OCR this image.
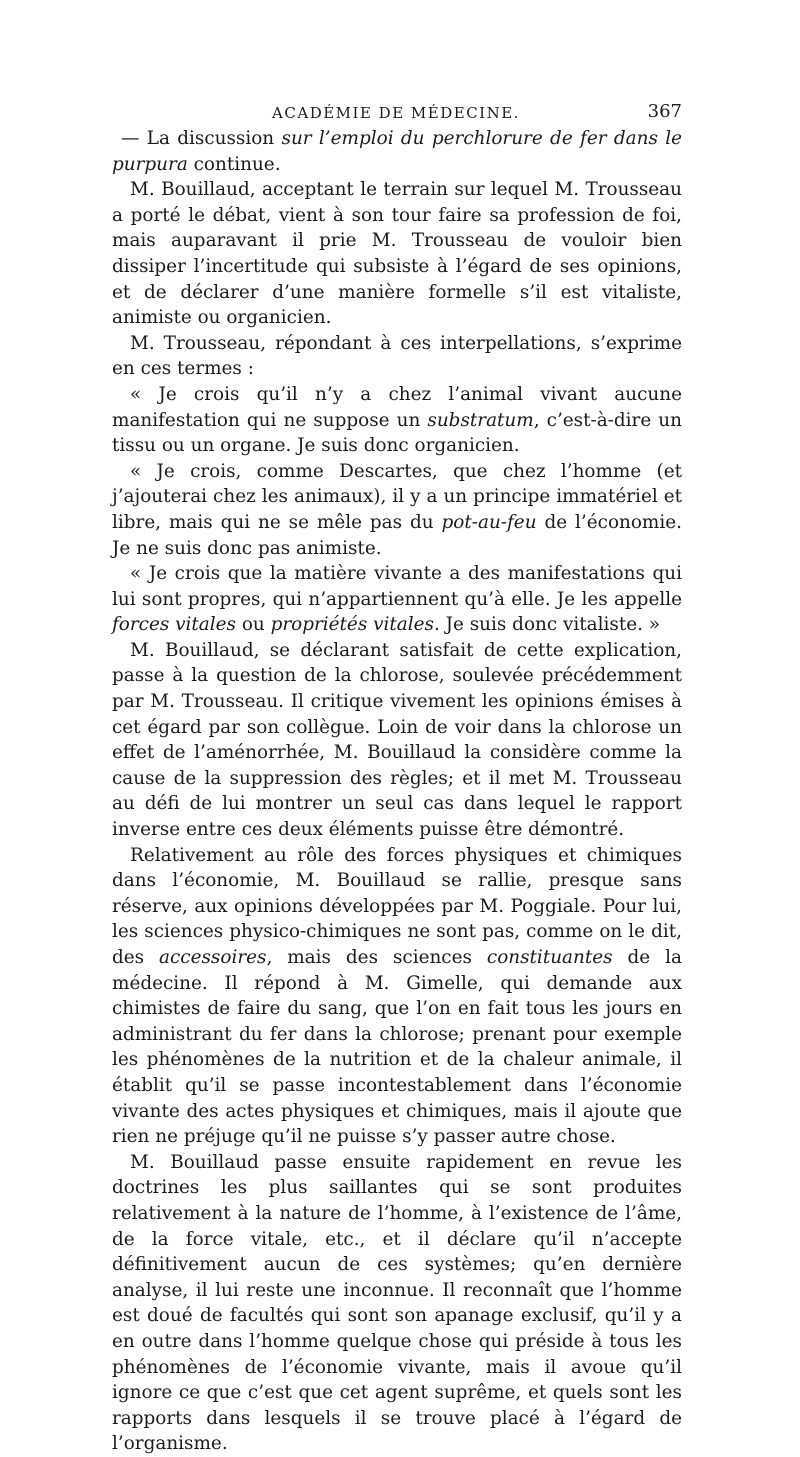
ACADÉMIE DE MÉDECINE.	367

— La discussion sur l’emploi du perchlorure de fer dans le purpura continue.

M. Bouillaud, acceptant le terrain sur lequel M. Trousseau a porté le débat, vient à son tour faire sa profession de foi, mais auparavant il prie M. Trousseau de vouloir bien dissiper l’incertitude qui subsiste à l’égard de ses opinions, et de déclarer d’une manière formelle s’il est vitaliste, animiste ou organicien.

M. Trousseau, répondant à ces interpellations, s’exprime en ces termes :

« Je crois qu’il n’y a chez l’animal vivant aucune manifestation qui ne suppose un substratum, c’est-à-dire un tissu ou un organe. Je suis donc organicien.

« Je crois, comme Descartes, que chez l’homme (et j’ajouterai chez les animaux), il y a un principe immatériel et libre, mais qui ne se mêle pas du pot-au-feu de l’économie. Je ne suis donc pas animiste.

« Je crois que la matière vivante a des manifestations qui lui sont propres, qui n’appartiennent qu’à elle. Je les appelle forces vitales ou propriétés vitales. Je suis donc vitaliste. »

M. Bouillaud, se déclarant satisfait de cette explication, passe à la question de la chlorose, soulevée précédemment par M. Trousseau. Il critique vivement les opinions émises à cet égard par son collègue. Loin de voir dans la chlorose un effet de l’aménorrhée, M. Bouillaud la considère comme la cause de la suppression des règles; et il met M. Trousseau au défi de lui montrer un seul cas dans lequel le rapport inverse entre ces deux éléments puisse être démontré.

Relativement au rôle des forces physiques et chimiques dans l’économie, M. Bouillaud se rallie, presque sans réserve, aux opinions développées par M. Poggiale. Pour lui, les sciences physico-chimiques ne sont pas, comme on le dit, des accessoires, mais des sciences constituantes de la médecine. Il répond à M. Gimelle, qui demande aux chimistes de faire du sang, que l’on en fait tous les jours en administrant du fer dans la chlorose; prenant pour exemple les phénomènes de la nutrition et de la chaleur animale, il établit qu’il se passe incontestablement dans l’économie vivante des actes physiques et chimiques, mais il ajoute que rien ne préjuge qu’il ne puisse s’y passer autre chose.

M. Bouillaud passe ensuite rapidement en revue les doctrines les plus saillantes qui se sont produites relativement à la nature de l’homme, à l’existence de l’âme, de la force vitale, etc., et il déclare qu’il n’accepte définitivement aucun de ces systèmes; qu’en dernière analyse, il lui reste une inconnue. Il reconnaît que l’homme est doué de facultés qui sont son apanage exclusif, qu’il y a en outre dans l’homme quelque chose qui préside à tous les phénomènes de l’économie vivante, mais il avoue qu’il ignore ce que c’est que cet agent suprême, et quels sont les rapports dans lesquels il se trouve placé à l’égard de l’organisme.
